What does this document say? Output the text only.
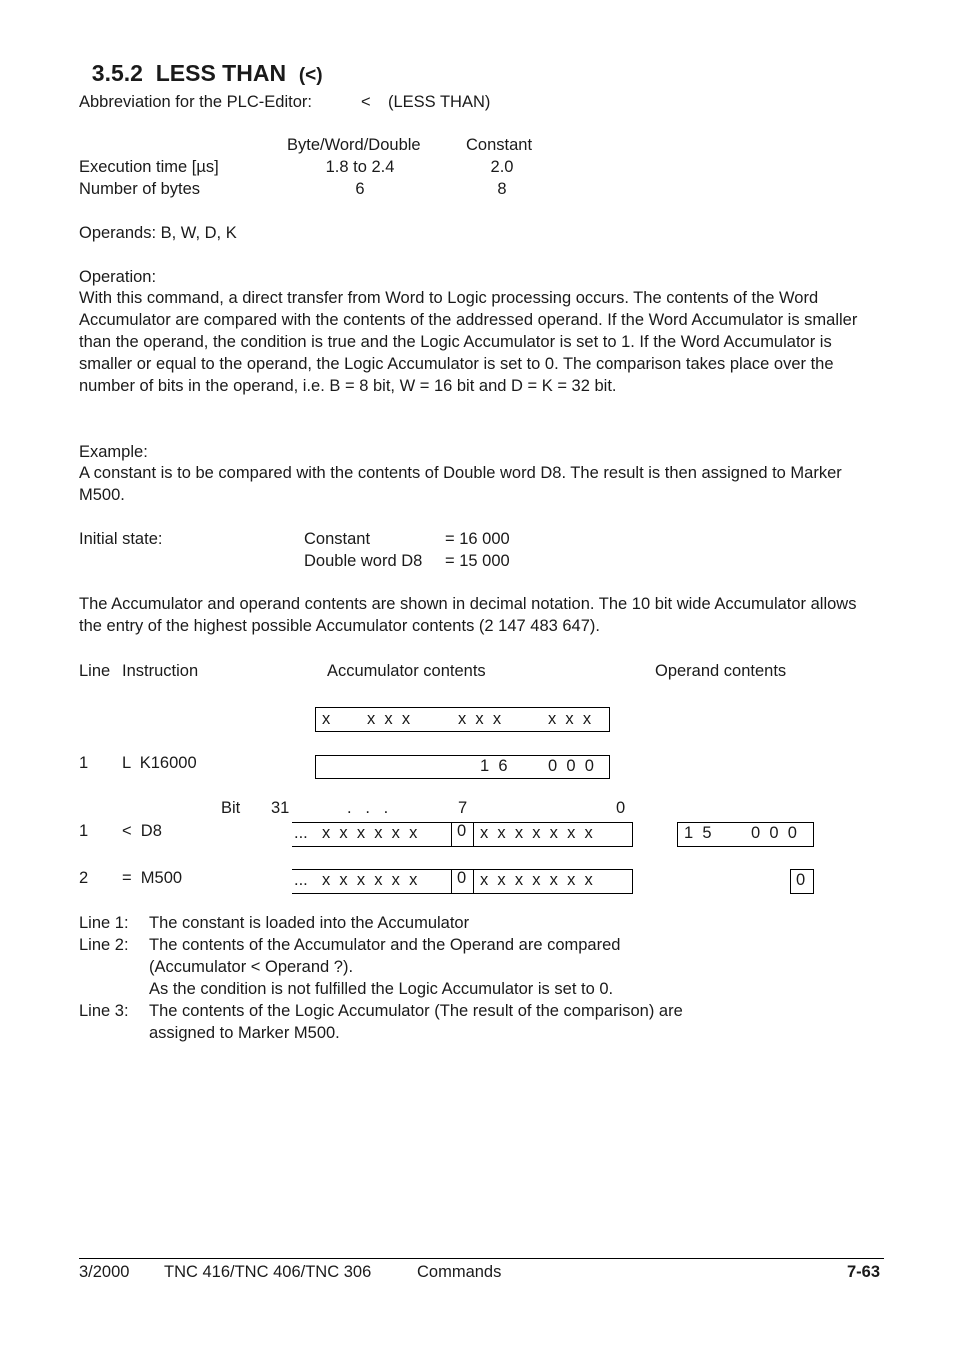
3.5.2 LESS THAN (<)

Abbreviation for the PLC-Editor:	< (LESS THAN)
Byte/Word/Double	Constant
Execution time [µs]	1.8 to 2.4	2.0
Number of bytes	6	8
Operands: B, W, D, K
Operation:
With this command, a direct transfer from Word to Logic processing occurs. The contents of the Word Accumulator are compared with the contents of the addressed operand. If the Word Accumulator is smaller than the operand, the condition is true and the Logic Accumulator is set to 1. If the Word Accumulator is smaller or equal to the operand, the Logic Accumulator is set to 0. The comparison takes place over the number of bits in the operand, i.e. B = 8 bit, W = 16 bit and D = K = 32 bit.
Example:
A constant is to be compared with the contents of Double word D8. The result is then assigned to Marker M500.
Initial state:	Constant	= 16 000
Double word D8 = 15 000
The Accumulator and operand contents are shown in decimal notation. The 10 bit wide Accumulator allows the entry of the highest possible Accumulator contents (2 147 483 647).
Line Instruction	Accumulator contents	Operand contents
x x  x  x	x  x  x	x  x  x
1 L  K16000	1  6 0  0  0
Bit 31	.   .   .	7	0
1 <  D8	... x  x  x  x  x  x 0 x  x  x  x  x  x  x	1  5 0  0  0
2 =  M500	... x  x  x  x  x  x 0 x  x  x  x  x  x  x	0
Line 1: The constant is loaded into the Accumulator
Line 2: The contents of the Accumulator and the Operand are compared
(Accumulator < Operand ?).
As the condition is not fulfilled the Logic Accumulator is set to 0.
Line 3: The contents of the Logic Accumulator (The result of the comparison) are
assigned to Marker M500.
3/2000 TNC 416/TNC 406/TNC 306	Commands	7-63
